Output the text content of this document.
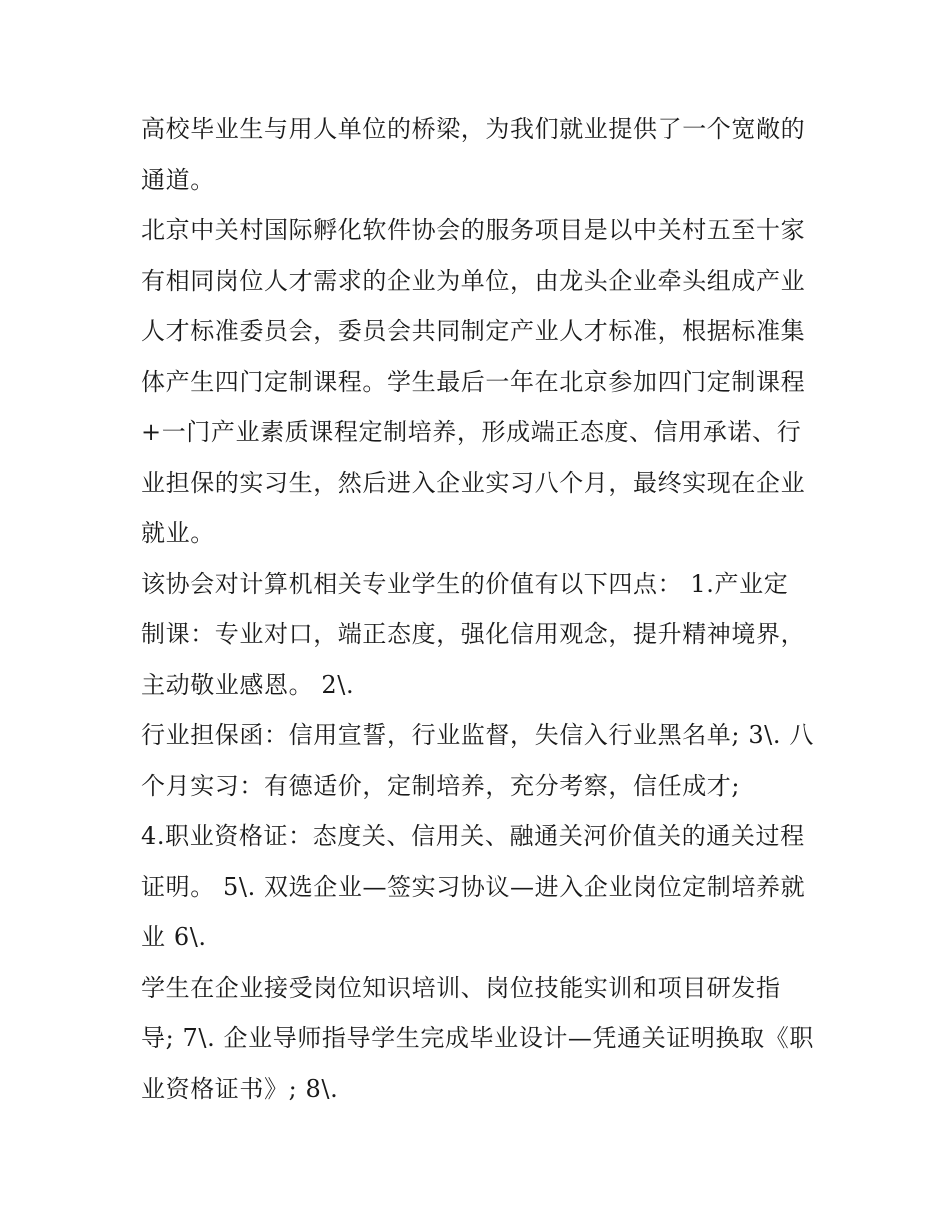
高校毕业生与用人单位的桥梁，为我们就业提供了一个宽敞的
通道。

北京中关村国际孵化软件协会的服务项目是以中关村五至十家
有相同岗位人才需求的企业为单位，由龙头企业牵头组成产业
人才标准委员会，委员会共同制定产业人才标准，根据标准集
体产生四门定制课程。学生最后一年在北京参加四门定制课程
+一门产业素质课程定制培养，形成端正态度、信用承诺、行
业担保的实习生，然后进入企业实习八个月，最终实现在企业
就业。

该协会对计算机相关专业学生的价值有以下四点： 1.产业定
制课：专业对口，端正态度，强化信用观念，提升精神境界，
主动敬业感恩。 2\.

行业担保函：信用宣誓，行业监督，失信入行业黑名单; 3\. 八
个月实习：有德适价，定制培养，充分考察，信任成才;
4.职业资格证：态度关、信用关、融通关河价值关的通关过程
证明。 5\. 双选企业—签实习协议—进入企业岗位定制培养就
业 6\.

学生在企业接受岗位知识培训、岗位技能实训和项目研发指
导; 7\. 企业导师指导学生完成毕业设计—凭通关证明换取《职
业资格证书》; 8\.
